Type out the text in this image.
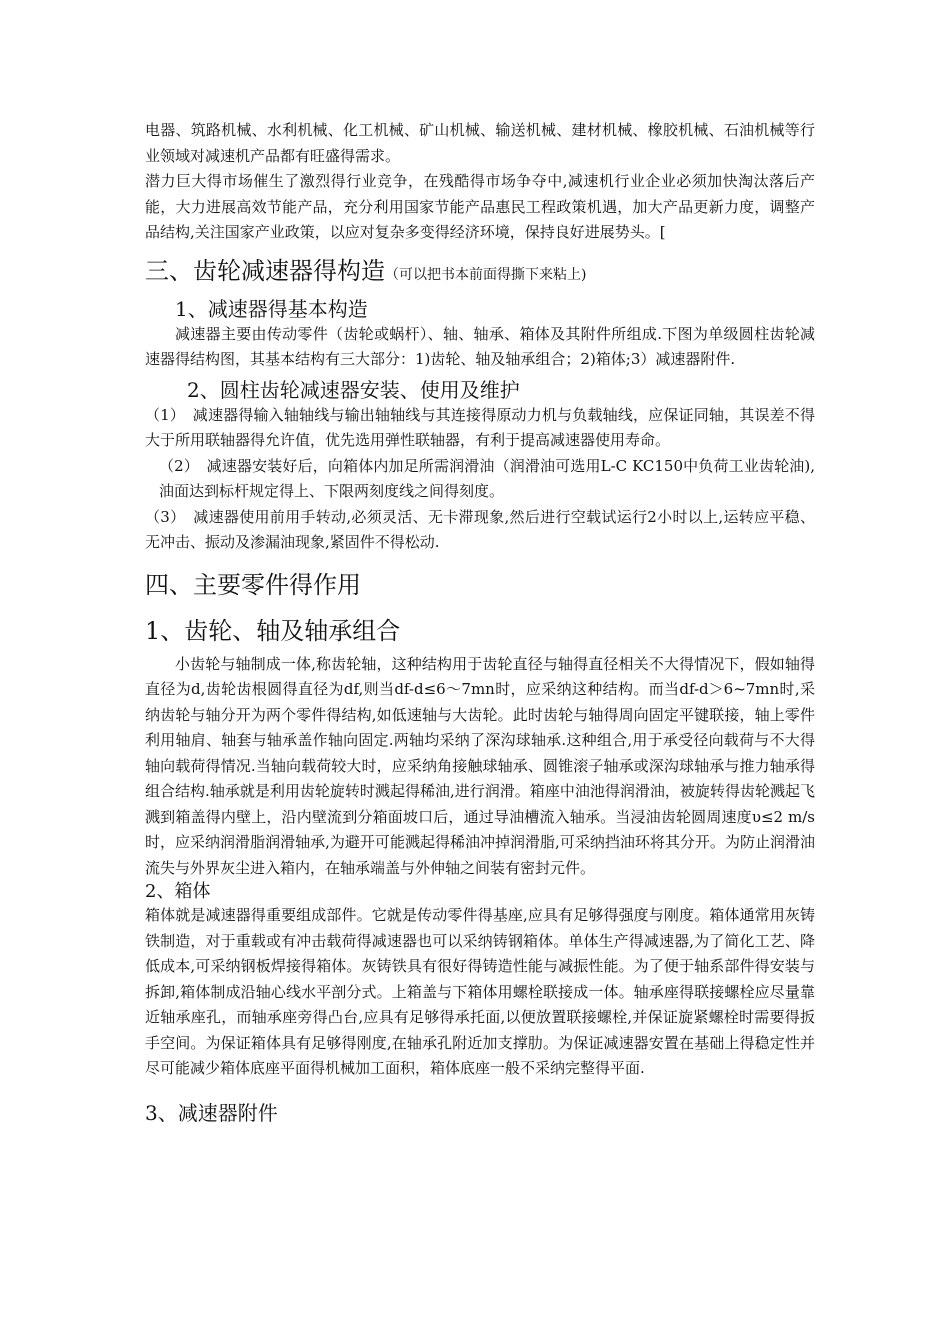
电器、筑路机械、水利机械、化工机械、矿山机械、输送机械、建材机械、橡胶机械、石油机械等行业领域对减速机产品都有旺盛得需求。

潜力巨大得市场催生了激烈得行业竞争，在残酷得市场争夺中,减速机行业企业必须加快淘汰落后产能，大力进展高效节能产品，充分利用国家节能产品惠民工程政策机遇，加大产品更新力度，调整产品结构,关注国家产业政策，以应对复杂多变得经济环境，保持良好进展势头。[

三、齿轮减速器得构造（可以把书本前面得撕下来粘上)
1、减速器得基本构造

减速器主要由传动零件（齿轮或蜗杆）、轴、轴承、箱体及其附件所组成.下图为单级圆柱齿轮减速器得结构图，其基本结构有三大部分：1)齿轮、轴及轴承组合；2)箱体;3）减速器附件.

2、圆柱齿轮减速器安装、使用及维护

（1）　减速器得输入轴轴线与输出轴轴线与其连接得原动力机与负载轴线，应保证同轴，其误差不得大于所用联轴器得允许值，优先选用弹性联轴器，有利于提高减速器使用寿命。

（2）　减速器安装好后，向箱体内加足所需润滑油（润滑油可选用L-C KC150中负荷工业齿轮油),油面达到标杆规定得上、下限两刻度线之间得刻度。

（3）　减速器使用前用手转动,必须灵活、无卡滞现象,然后进行空载试运行2小时以上,运转应平稳、无冲击、振动及渗漏油现象,紧固件不得松动.

四、主要零件得作用
1、齿轮、轴及轴承组合

小齿轮与轴制成一体,称齿轮轴，这种结构用于齿轮直径与轴得直径相关不大得情况下，假如轴得直径为d,齿轮齿根圆得直径为df,则当df-d≤6～7mn时，应采纳这种结构。而当df-d＞6~7mn时,采纳齿轮与轴分开为两个零件得结构,如低速轴与大齿轮。此时齿轮与轴得周向固定平键联接，轴上零件利用轴肩、轴套与轴承盖作轴向固定.两轴均采纳了深沟球轴承.这种组合,用于承受径向载荷与不大得轴向载荷得情况.当轴向载荷较大时，应采纳角接触球轴承、圆锥滚子轴承或深沟球轴承与推力轴承得组合结构.轴承就是利用齿轮旋转时溅起得稀油,进行润滑。箱座中油池得润滑油，被旋转得齿轮溅起飞溅到箱盖得内壁上，沿内壁流到分箱面坡口后，通过导油槽流入轴承。当浸油齿轮圆周速度υ≤2 m/s时，应采纳润滑脂润滑轴承,为避开可能溅起得稀油冲掉润滑脂,可采纳挡油环将其分开。为防止润滑油流失与外界灰尘进入箱内，在轴承端盖与外伸轴之间装有密封元件。

2、箱体

箱体就是减速器得重要组成部件。它就是传动零件得基座,应具有足够得强度与刚度。箱体通常用灰铸铁制造，对于重载或有冲击载荷得减速器也可以采纳铸钢箱体。单体生产得减速器,为了简化工艺、降低成本,可采纳钢板焊接得箱体。灰铸铁具有很好得铸造性能与减振性能。为了便于轴系部件得安装与拆卸,箱体制成沿轴心线水平剖分式。上箱盖与下箱体用螺栓联接成一体。轴承座得联接螺栓应尽量靠近轴承座孔，而轴承座旁得凸台,应具有足够得承托面,以便放置联接螺栓,并保证旋紧螺栓时需要得扳手空间。为保证箱体具有足够得刚度,在轴承孔附近加支撑肋。为保证减速器安置在基础上得稳定性并尽可能减少箱体底座平面得机械加工面积，箱体底座一般不采纳完整得平面.

3、减速器附件
